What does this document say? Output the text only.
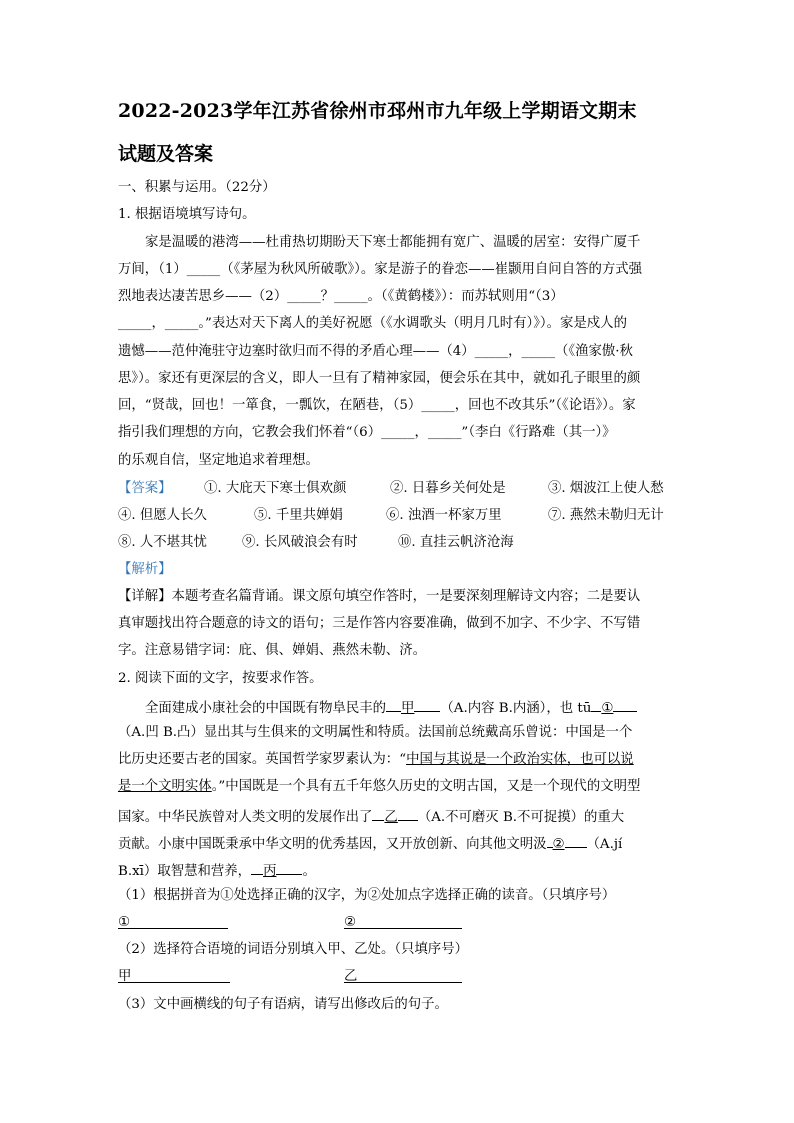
2022-2023学年江苏省徐州市邳州市九年级上学期语文期末
试题及答案
一、积累与运用。（22分）
1. 根据语境填写诗句。
家是温暖的港湾——杜甫热切期盼天下寒士都能拥有宽广、温暖的居室：安得广厦千
万间，（1）_____（《茅屋为秋风所破歌》）。家是游子的眷恋——崔颢用自问自答的方式强
烈地表达凄苦思乡——（2）_____？_____。（《黄鹤楼》）：而苏轼则用“（3）
_____，_____。”表达对天下离人的美好祝愿（《水调歌头（明月几时有）》）。家是戍人的
遗憾——范仲淹驻守边塞时欲归而不得的矛盾心理——（4）_____，_____（《渔家傲·秋
思》）。家还有更深层的含义，即人一旦有了精神家园，便会乐在其中，就如孔子眼里的颜
回，“贤哉，回也！一箪食，一瓢饮，在陋巷，（5）_____，回也不改其乐”（《论语》）。家
指引我们理想的方向，它教会我们怀着“（6）_____，_____”（李白《行路难（其一）》
的乐观自信，坚定地追求着理想。
【答案】 ①. 大庇天下寒士俱欢颜	②. 日暮乡关何处是	③. 烟波江上使人愁
④. 但愿人长久	⑤. 千里共婵娟	⑥. 浊酒一杯家万里	⑦. 燕然未勒归无计
⑧. 人不堪其忧	⑨. 长风破浪会有时	⑩. 直挂云帆济沧海
【解析】
【详解】本题考查名篇背诵。课文原句填空作答时，一是要深刻理解诗文内容；二是要认
真审题找出符合题意的诗文的语句；三是作答内容要准确，做到不加字、不少字、不写错
字。注意易错字词：庇、俱、婵娟、燕然未勒、济。
2. 阅读下面的文字，按要求作答。
全面建成小康社会的中国既有物阜民丰的 甲 （A.内容 B.内涵），也 tū ①
（A.凹 B.凸）显出其与生俱来的文明属性和特质。法国前总统戴高乐曾说：中国是一个
比历史还要古老的国家。英国哲学家罗素认为：“中国与其说是一个政治实体，也可以说
是一个文明实体。”中国既是一个具有五千年悠久历史的文明古国，又是一个现代的文明型
国家。中华民族曾对人类文明的发展作出了 乙 （A.不可磨灭 B.不可捉摸）的重大
贡献。小康中国既秉承中华文明的优秀基因，又开放创新、向其他文明汲 ② （A.jí
B.xī）取智慧和营养， 丙 。
（1）根据拼音为①处选择正确的汉字，为②处加点字选择正确的读音。（只填序号）
①	②
（2）选择符合语境的词语分别填入甲、乙处。（只填序号）
甲	乙
（3）文中画横线的句子有语病，请写出修改后的句子。
